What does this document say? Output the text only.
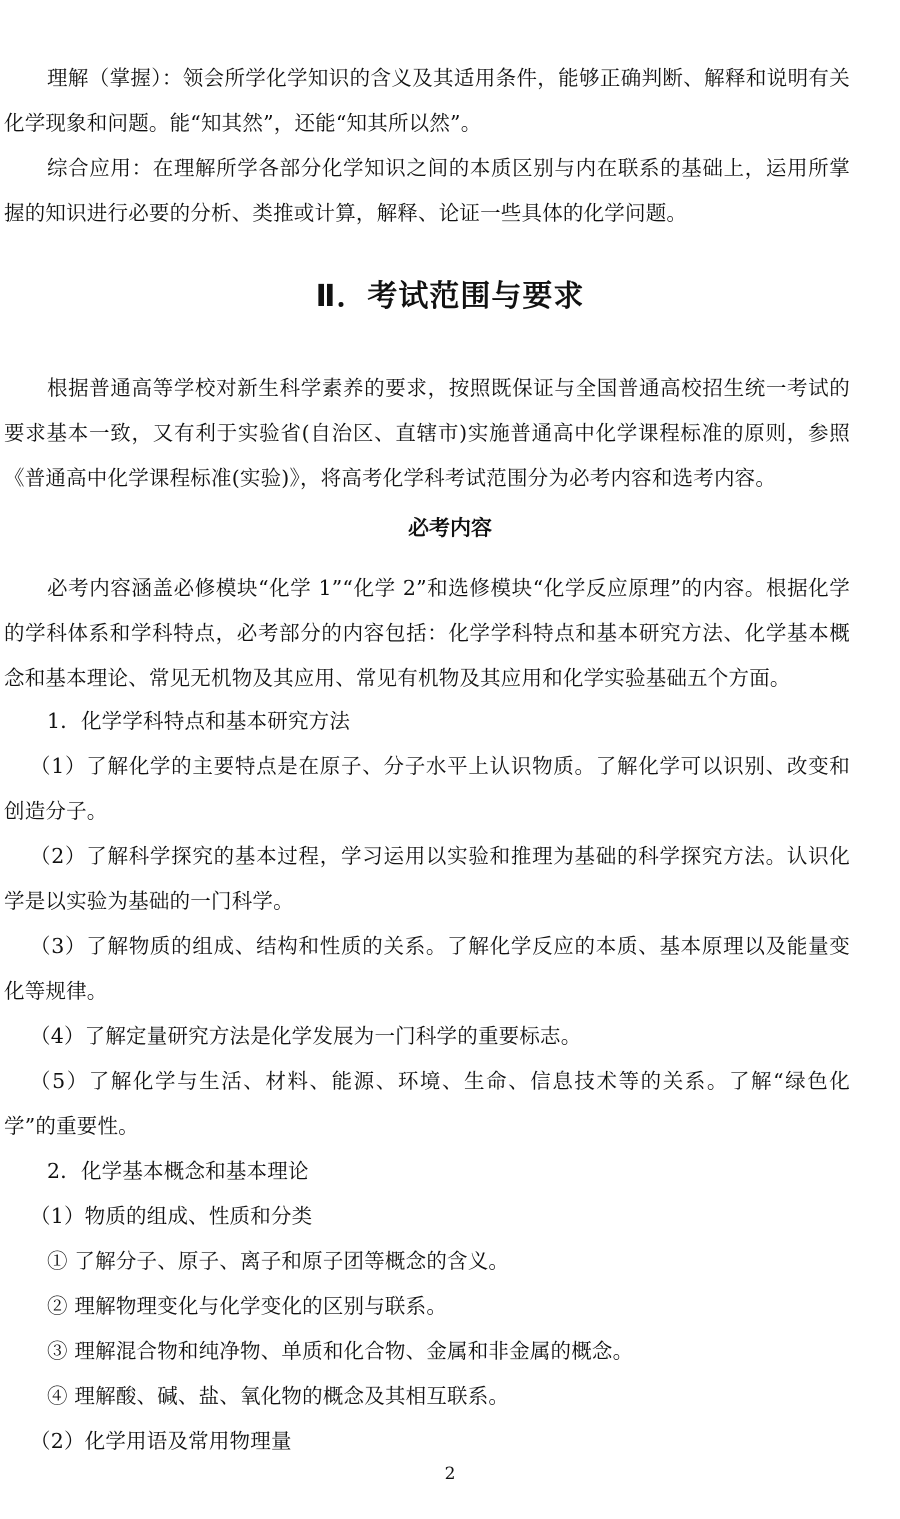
理解（掌握）：领会所学化学知识的含义及其适用条件，能够正确判断、解释和说明有关化学现象和问题。能“知其然”，还能“知其所以然”。

综合应用：在理解所学各部分化学知识之间的本质区别与内在联系的基础上，运用所掌握的知识进行必要的分析、类推或计算，解释、论证一些具体的化学问题。

Ⅱ．考试范围与要求

根据普通高等学校对新生科学素养的要求，按照既保证与全国普通高校招生统一考试的要求基本一致，又有利于实验省(自治区、直辖市)实施普通高中化学课程标准的原则，参照《普通高中化学课程标准(实验)》，将高考化学科考试范围分为必考内容和选考内容。

必考内容

必考内容涵盖必修模块“化学 1”“化学 2”和选修模块“化学反应原理”的内容。根据化学的学科体系和学科特点，必考部分的内容包括：化学学科特点和基本研究方法、化学基本概念和基本理论、常见无机物及其应用、常见有机物及其应用和化学实验基础五个方面。

1．化学学科特点和基本研究方法

（1）了解化学的主要特点是在原子、分子水平上认识物质。了解化学可以识别、改变和创造分子。

（2）了解科学探究的基本过程，学习运用以实验和推理为基础的科学探究方法。认识化学是以实验为基础的一门科学。

（3）了解物质的组成、结构和性质的关系。了解化学反应的本质、基本原理以及能量变化等规律。

（4）了解定量研究方法是化学发展为一门科学的重要标志。

（5）了解化学与生活、材料、能源、环境、生命、信息技术等的关系。了解“绿色化学”的重要性。

2．化学基本概念和基本理论

（1）物质的组成、性质和分类

① 了解分子、原子、离子和原子团等概念的含义。

② 理解物理变化与化学变化的区别与联系。

③ 理解混合物和纯净物、单质和化合物、金属和非金属的概念。

④ 理解酸、碱、盐、氧化物的概念及其相互联系。

（2）化学用语及常用物理量

2
